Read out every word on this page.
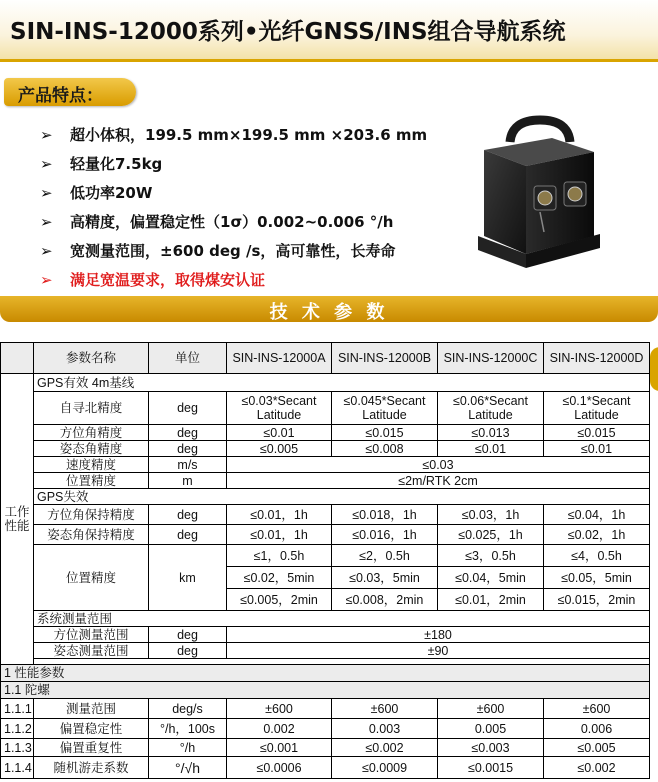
SIN-INS-12000系列•光纤GNSS/INS组合导航系统
产品特点：
➢	超小体积，199.5 mm×199.5 mm ×203.6 mm
➢	轻量化7.5kg
➢	低功率20W
➢	高精度，偏置稳定性（1σ）0.002~0.006 °/h
➢	宽测量范围，±600 deg /s，高可靠性，长寿命
➢	满足宽温要求，取得煤安认证
技 术 参 数
	参数名称	单位	SIN-INS-12000A	SIN-INS-12000B	SIN-INS-12000C	SIN-INS-12000D
工作性能	GPS有效 4m基线					
	自寻北精度	deg	≤0.03*Secant Latitude	≤0.045*Secant Latitude	≤0.06*Secant Latitude	≤0.1*Secant Latitude
	方位角精度	deg	≤0.01	≤0.015	≤0.013	≤0.015
	姿态角精度	deg	≤0.005	≤0.008	≤0.01	≤0.01
	速度精度	m/s	≤0.03			
	位置精度	m	≤2m/RTK 2cm			
	GPS失效					
	方位角保持精度	deg	≤0.01，1h	≤0.018，1h	≤0.03，1h	≤0.04，1h
	姿态角保持精度	deg	≤0.01，1h	≤0.016，1h	≤0.025，1h	≤0.02，1h
	位置精度	km	≤1，0.5h	≤2，0.5h	≤3，0.5h	≤4，0.5h
			≤0.02，5min	≤0.03，5min	≤0.04，5min	≤0.05，5min
			≤0.005，2min	≤0.008，2min	≤0.01，2min	≤0.015，2min
	系统测量范围					
	方位测量范围	deg	±180			
	姿态测量范围	deg	±90			

1 性能参数						
1.1 陀螺						
1.1.1	测量范围	deg/s	±600	±600	±600	±600
1.1.2	偏置稳定性	°/h，100s	0.002	0.003	0.005	0.006
1.1.3	偏置重复性	°/h	≤0.001	≤0.002	≤0.003	≤0.005
1.1.4	随机游走系数	°/√h	≤0.0006	≤0.0009	≤0.0015	≤0.002
